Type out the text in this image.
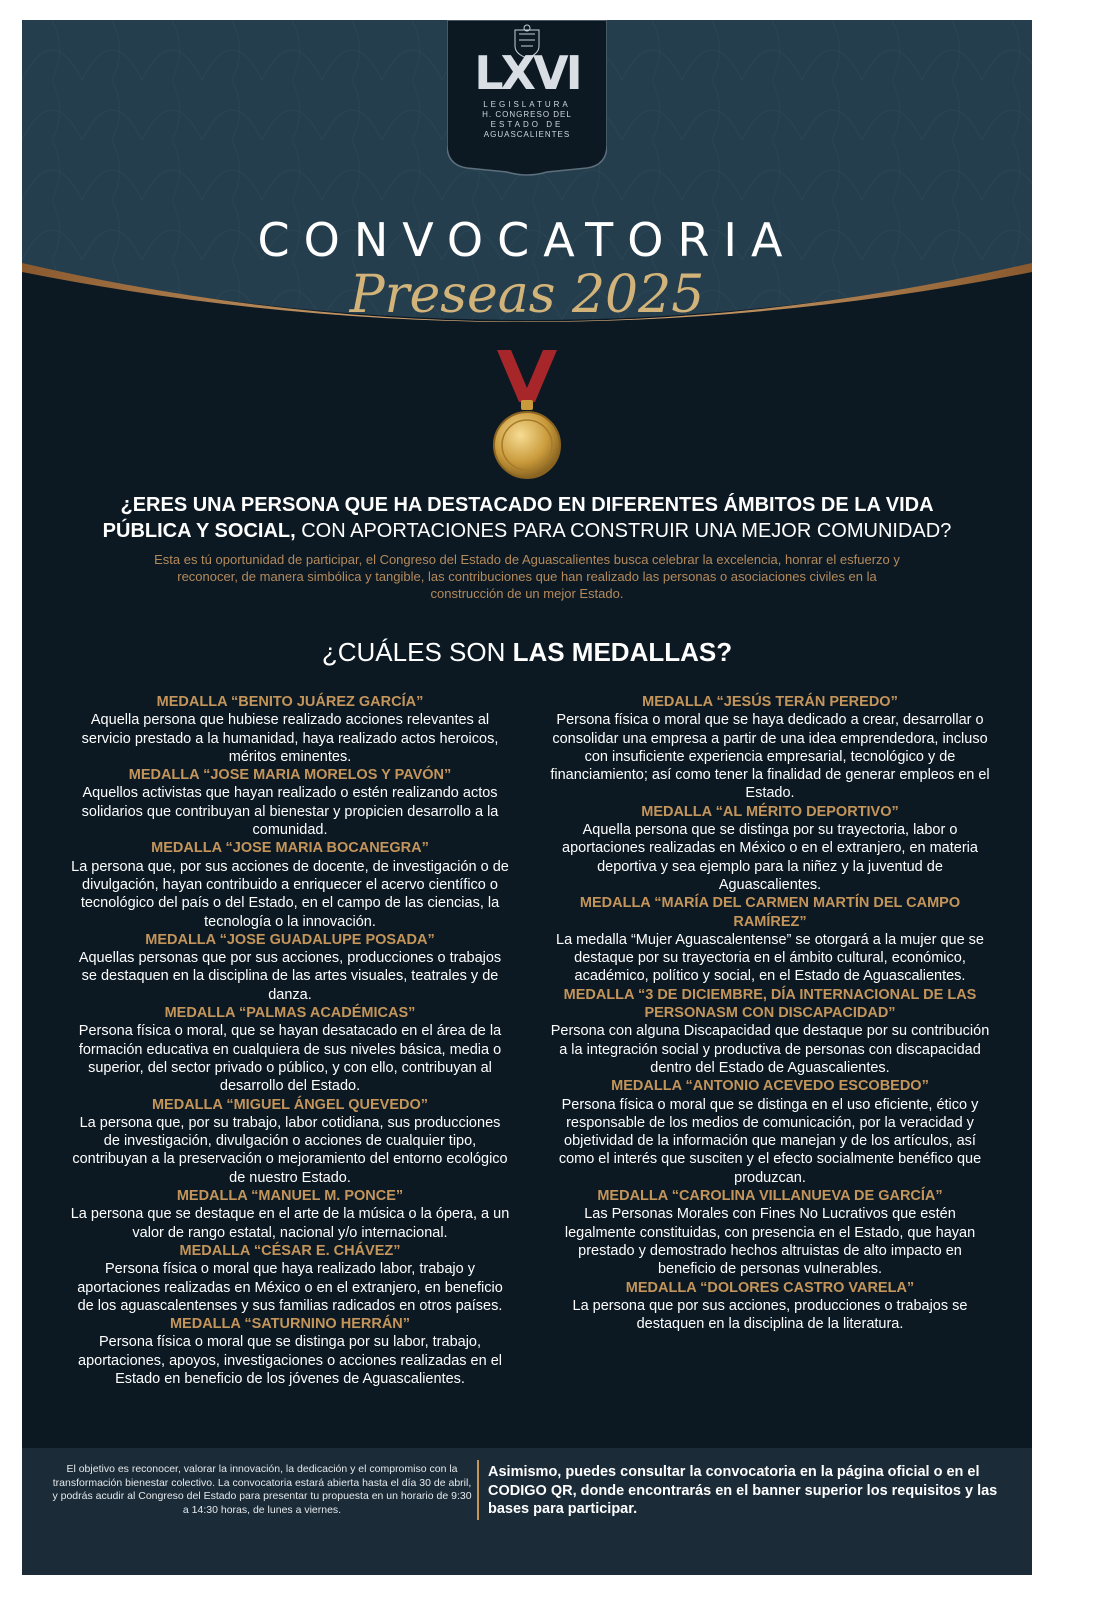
LXVI
LEGISLATURA
H. CONGRESO DEL
ESTADO DE
AGUASCALIENTES
CONVOCATORIA
Preseas 2025
¿ERES UNA PERSONA QUE HA DESTACADO EN DIFERENTES ÁMBITOS DE LA VIDA PÚBLICA Y SOCIAL, CON APORTACIONES PARA CONSTRUIR UNA MEJOR COMUNIDAD?
Esta es tú oportunidad de participar, el Congreso del Estado de Aguascalientes busca celebrar la excelencia, honrar el esfuerzo y reconocer, de manera simbólica y tangible, las contribuciones que han realizado las personas o asociaciones civiles en la construcción de un mejor Estado.
¿CUÁLES SON LAS MEDALLAS?
MEDALLA “BENITO JUÁREZ GARCÍA”
Aquella persona que hubiese realizado acciones relevantes al servicio prestado a la humanidad, haya realizado actos heroicos, méritos eminentes.
MEDALLA “JOSE MARIA MORELOS Y PAVÓN”
Aquellos activistas que hayan realizado o estén realizando actos solidarios que contribuyan al bienestar y propicien desarrollo a la comunidad.
MEDALLA “JOSE MARIA BOCANEGRA”
La persona que, por sus acciones de docente, de investigación o de divulgación, hayan contribuido a enriquecer el acervo científico o tecnológico del país o del Estado, en el campo de las ciencias, la tecnología o la innovación.
MEDALLA “JOSE GUADALUPE POSADA”
Aquellas personas que por sus acciones, producciones o trabajos se destaquen en la disciplina de las artes visuales, teatrales y de danza.
MEDALLA “PALMAS ACADÉMICAS”
Persona física o moral, que se hayan desatacado en el área de la formación educativa en cualquiera de sus niveles básica, media o superior, del sector privado o público, y con ello, contribuyan al desarrollo del Estado.
MEDALLA “MIGUEL ÁNGEL QUEVEDO”
La persona que, por su trabajo, labor cotidiana, sus producciones de investigación, divulgación o acciones de cualquier tipo, contribuyan a la preservación o mejoramiento del entorno ecológico de nuestro Estado.
MEDALLA “MANUEL M. PONCE”
La persona que se destaque en el arte de la música o la ópera, a un valor de rango estatal, nacional y/o internacional.
MEDALLA “CÉSAR E. CHÁVEZ”
Persona física o moral que haya realizado labor, trabajo y aportaciones realizadas en México o en el extranjero, en beneficio de los aguascalentenses y sus familias radicados en otros países.
MEDALLA “SATURNINO HERRÁN”
Persona física o moral que se distinga por su labor, trabajo, aportaciones, apoyos, investigaciones o acciones realizadas en el Estado en beneficio de los jóvenes de Aguascalientes.
MEDALLA “JESÚS TERÁN PEREDO”
Persona física o moral que se haya dedicado a crear, desarrollar o consolidar una empresa a partir de una idea emprendedora, incluso con insuficiente experiencia empresarial, tecnológico y de financiamiento; así como tener la finalidad de generar empleos en el Estado.
MEDALLA “AL MÉRITO DEPORTIVO”
Aquella persona que se distinga por su trayectoria, labor o aportaciones realizadas en México o en el extranjero, en materia deportiva y sea ejemplo para la niñez y la juventud de Aguascalientes.
MEDALLA “MARÍA DEL CARMEN MARTÍN DEL CAMPO RAMÍREZ”
La medalla “Mujer Aguascalentense” se otorgará a la mujer que se destaque por su trayectoria en el ámbito cultural, económico, académico, político y social, en el Estado de Aguascalientes.
MEDALLA “3 DE DICIEMBRE, DÍA INTERNACIONAL DE LAS PERSONASM CON DISCAPACIDAD”
Persona con alguna Discapacidad que destaque por su contribución a la integración social y productiva de personas con discapacidad dentro del Estado de Aguascalientes.
MEDALLA “ANTONIO ACEVEDO ESCOBEDO”
Persona física o moral que se distinga en el uso eficiente, ético y responsable de los medios de comunicación, por la veracidad y objetividad de la información que manejan y de los artículos, así como el interés que susciten y el efecto socialmente benéfico que produzcan.
MEDALLA “CAROLINA VILLANUEVA DE GARCÍA”
Las Personas Morales con Fines No Lucrativos que estén legalmente constituidas, con presencia en el Estado, que hayan prestado y demostrado hechos altruistas de alto impacto en beneficio de personas vulnerables.
MEDALLA “DOLORES CASTRO VARELA”
La persona que por sus acciones, producciones o trabajos se destaquen en la disciplina de la literatura.
El objetivo es reconocer, valorar la innovación, la dedicación y el compromiso con la transformación bienestar colectivo. La convocatoria estará abierta hasta el día 30 de abril, y podrás acudir al Congreso del Estado para presentar tu propuesta en un horario de 9:30 a 14:30 horas, de lunes a viernes.
Asimismo, puedes consultar la convocatoria en la página oficial o en el CODIGO QR, donde encontrarás en el banner superior los requisitos y las bases para participar.
